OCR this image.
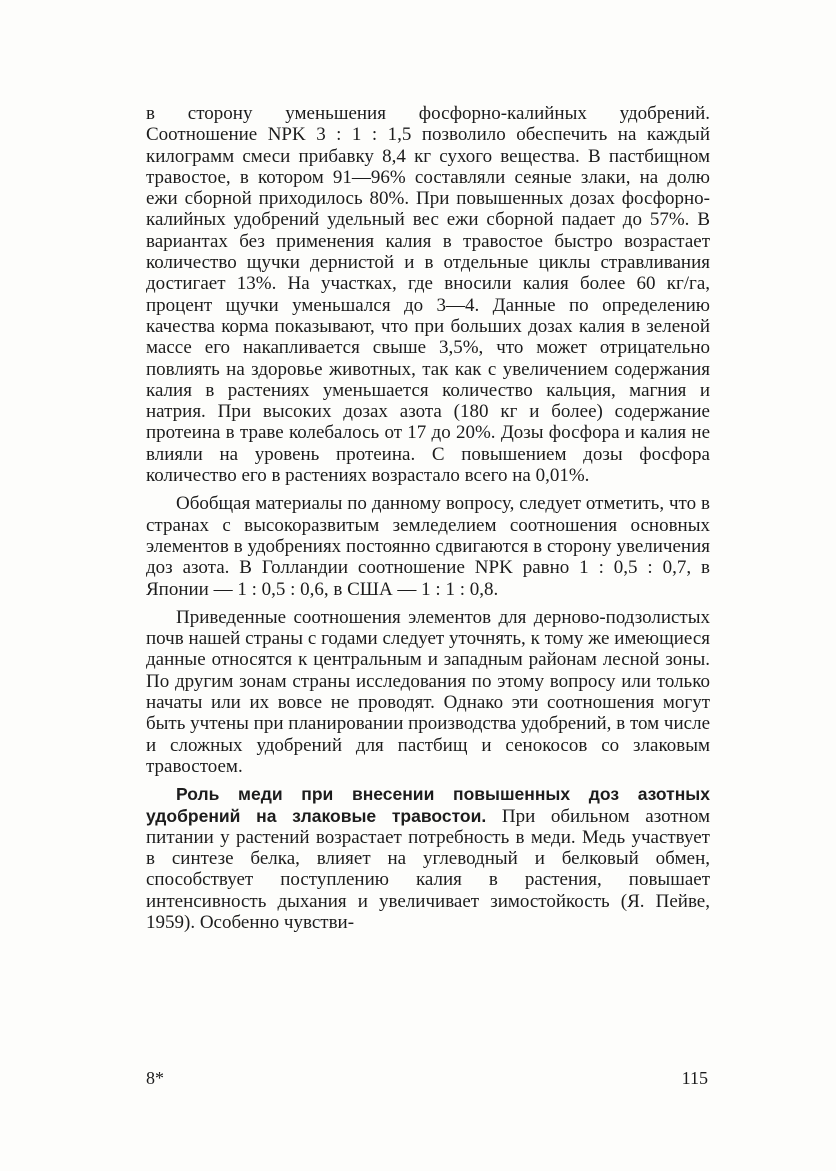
в сторону уменьшения фосфорно-калийных удобрений. Соотношение NPK 3 : 1 : 1,5 позволило обеспечить на каждый килограмм смеси прибавку 8,4 кг сухого вещества. В пастбищном травостое, в котором 91—96% составляли сеяные злаки, на долю ежи сборной приходилось 80%. При повышенных дозах фосфорно-калийных удобрений удельный вес ежи сборной падает до 57%. В вариантах без применения калия в травостое быстро возрастает количество щучки дернистой и в отдельные циклы стравливания достигает 13%. На участках, где вносили калия более 60 кг/га, процент щучки уменьшался до 3—4. Данные по определению качества корма показывают, что при больших дозах калия в зеленой массе его накапливается свыше 3,5%, что может отрицательно повлиять на здоровье животных, так как с увеличением содержания калия в растениях уменьшается количество кальция, магния и натрия. При высоких дозах азота (180 кг и более) содержание протеина в траве колебалось от 17 до 20%. Дозы фосфора и калия не влияли на уровень протеина. С повышением дозы фосфора количество его в растениях возрастало всего на 0,01%.

Обобщая материалы по данному вопросу, следует отметить, что в странах с высокоразвитым земледелием соотношения основных элементов в удобрениях постоянно сдвигаются в сторону увеличения доз азота. В Голландии соотношение NPK равно 1 : 0,5 : 0,7, в Японии — 1 : 0,5 : 0,6, в США — 1 : 1 : 0,8.

Приведенные соотношения элементов для дерново-подзолистых почв нашей страны с годами следует уточнять, к тому же имеющиеся данные относятся к центральным и западным районам лесной зоны. По другим зонам страны исследования по этому вопросу или только начаты или их вовсе не проводят. Однако эти соотношения могут быть учтены при планировании производства удобрений, в том числе и сложных удобрений для пастбищ и сенокосов со злаковым травостоем.

Роль меди при внесении повышенных доз азотных удобрений на злаковые травостои. При обильном азотном питании у растений возрастает потребность в меди. Медь участвует в синтезе белка, влияет на углеводный и белковый обмен, способствует поступлению калия в растения, повышает интенсивность дыхания и увеличивает зимостойкость (Я. Пейве, 1959). Особенно чувстви-

8*	115
